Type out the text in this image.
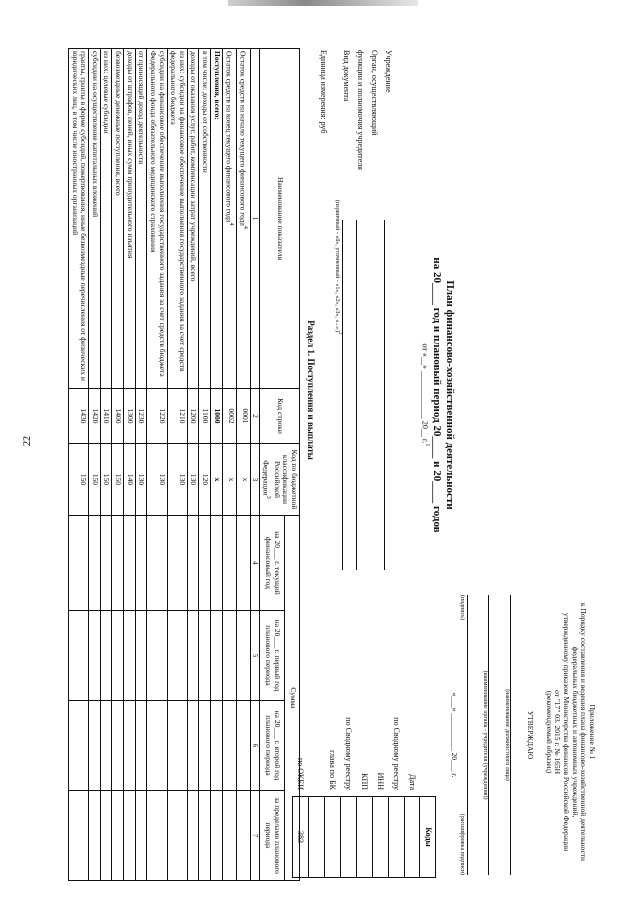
22
Приложение № 1
к Порядку составления и ведения плана финансово-хозяйственной деятельности
федеральных бюджетных и автономных учреждений,
утвержденному приказом Министерства финансов Российской Федерации
от "17" 03. 2015 г. № 165Н
(рекомендуемый образец)
УТВЕРЖДАЮ
(наименование должностного лица)
(наименование органа - учредителя (учреждения))
(подпись)
(расшифровка подписи)
«___» __________ 20___ г.
План финансово-хозяйственной деятельности
на 20____ год и плановый период 20____ и 20____ годов
от «__» ____________ 20__ г.$^1$
Учреждение
Орган, осуществляющий
функции и полномочия учредителя
Вид документа
(первичный - «0», уточненный - «1», «2», «3», «...»)$^2$
Единица измерения: руб
Коды
Дата
по Сводному реестру
ИНН
КПП
по Сводному реестру
глава по БК
по ОКЕИ
383
Раздел 1. Поступления и выплаты
Наименование показателя	Код строки	Код по бюджетной классификации Российской Федерации$^3$	Сумма			
			на 20___ г. текущий финансовый год	на 20___ г. первый год планового периода	на 20___ г. второй год планового периода	за пределами планового периода
1	2	3	4	5	6	7
Остаток средств на начало текущего финансового года$^4$	0001	x				
Остаток средств на конец текущего финансового года$^4$	0002	x				
Поступления, всего:	1000	x				
в том числе: доходы от собственности	1100	120				
доходы от оказания услуг, работ, компенсации затрат учреждений, всего	1200	130				
из них: субсидии на финансовое обеспечение выполнения государственного задания за счет средств федерального бюджета	1210	130				
субсидии на финансовое обеспечение выполнения государственного задания за счет средств бюджета Федерального фонда обязательного медицинского страхования	1220	130				
от приносящей доход деятельности	1230	130				
доходы от штрафов, пеней, иных сумм принудительного изъятия	1300	140				
безвозмездные денежные поступления, всего	1400	150				
из них: целевые субсидии	1410	150				
субсидии на осуществление капитальных вложений	1420	150				
гранты, гранты в форме субсидий, пожертвования, иные безвозмездные перечисления от физических и юридических лиц, в том числе иностранных организаций	1430	150				
